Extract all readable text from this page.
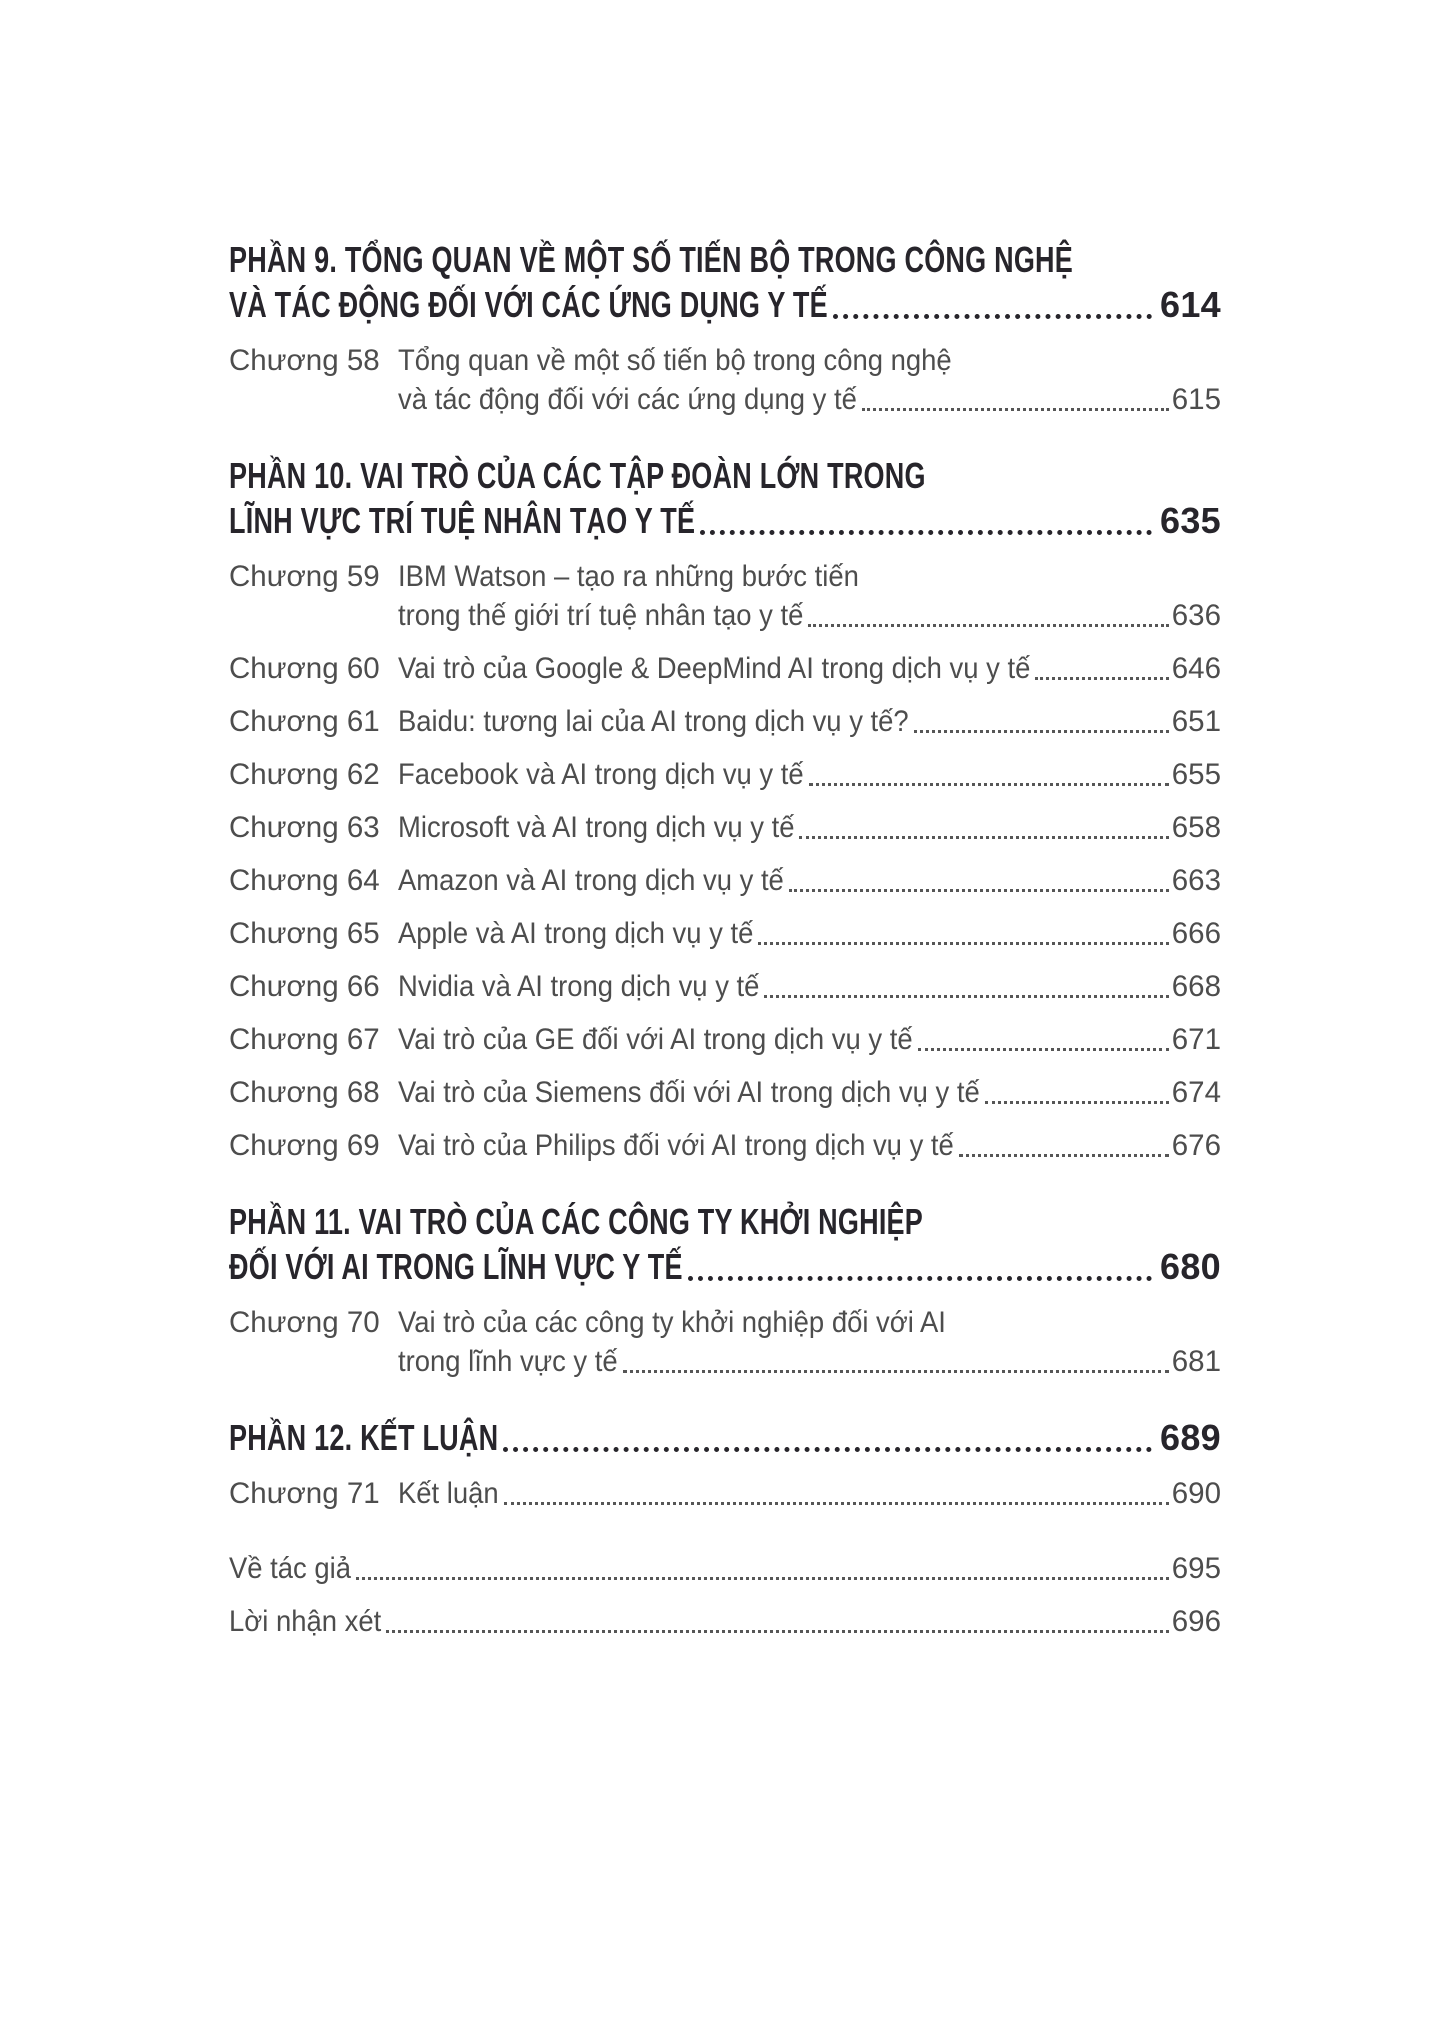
PHẦN 9. TỔNG QUAN VỀ MỘT SỐ TIẾN BỘ TRONG CÔNG NGHỆ
VÀ TÁC ĐỘNG ĐỐI VỚI CÁC ỨNG DỤNG Y TẾ	614
Chương 58 Tổng quan về một số tiến bộ trong công nghệ
và tác động đối với các ứng dụng y tế	615
PHẦN 10. VAI TRÒ CỦA CÁC TẬP ĐOÀN LỚN TRONG
LĨNH VỰC TRÍ TUỆ NHÂN TẠO Y TẾ	635
Chương 59 IBM Watson – tạo ra những bước tiến
trong thế giới trí tuệ nhân tạo y tế	636
Chương 60 Vai trò của Google & DeepMind AI trong dịch vụ y tế	646
Chương 61 Baidu: tương lai của AI trong dịch vụ y tế?	651
Chương 62 Facebook và AI trong dịch vụ y tế	655
Chương 63 Microsoft và AI trong dịch vụ y tế	658
Chương 64 Amazon và AI trong dịch vụ y tế	663
Chương 65 Apple và AI trong dịch vụ y tế	666
Chương 66 Nvidia và AI trong dịch vụ y tế	668
Chương 67 Vai trò của GE đối với AI trong dịch vụ y tế	671
Chương 68 Vai trò của Siemens đối với AI trong dịch vụ y tế	674
Chương 69 Vai trò của Philips đối với AI trong dịch vụ y tế	676
PHẦN 11. VAI TRÒ CỦA CÁC CÔNG TY KHỞI NGHIỆP
ĐỐI VỚI AI TRONG LĨNH VỰC Y TẾ	680
Chương 70 Vai trò của các công ty khởi nghiệp đối với AI
trong lĩnh vực y tế	681
PHẦN 12. KẾT LUẬN	689
Chương 71 Kết luận	690
Về tác giả	695
Lời nhận xét	696
